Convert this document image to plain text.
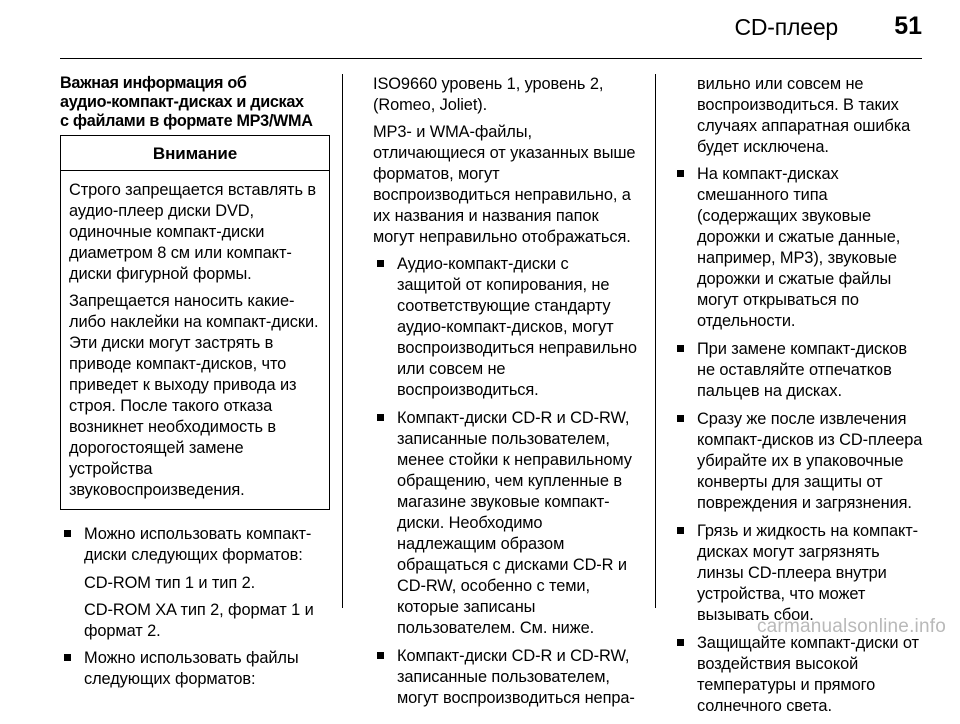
CD-плеер 51
Важная информация об
аудио-компакт-дисках и дисках
с файлами в формате MP3/WMA
Внимание

Строго запрещается вставлять в аудио-плеер диски DVD, одиночные компакт-диски диаметром 8 см или компакт-диски фигурной формы.

Запрещается наносить какие-либо наклейки на компакт-диски. Эти диски могут застрять в приводе компакт-дисков, что приведет к выходу привода из строя. После такого отказа возникнет необходимость в дорогостоящей замене устройства звуковоспроизведения.

Можно использовать компакт-диски следующих форматов:

CD-ROM тип 1 и тип 2.

CD-ROM XA тип 2, формат 1 и формат 2.

Можно использовать файлы следующих форматов:

ISO9660 уровень 1, уровень 2, (Romeo, Joliet).

MP3- и WMA-файлы, отличающиеся от указанных выше форматов, могут воспроизводиться неправильно, а их названия и названия папок могут неправильно отображаться.

Аудио-компакт-диски с защитой от копирования, не соответствующие стандарту аудио-компакт-дисков, могут воспроизводиться неправильно или совсем не воспроизводиться.
Компакт-диски CD-R и CD-RW, записанные пользователем, менее стойки к неправильному обращению, чем купленные в магазине звуковые компакт-диски. Необходимо надлежащим образом обращаться с дисками CD-R и CD-RW, особенно с теми, которые записаны пользователем. См. ниже.
Компакт-диски CD-R и CD-RW, записанные пользователем, могут воспроизводиться непра-

вильно или совсем не воспроизводиться. В таких случаях аппаратная ошибка будет исключена.

На компакт-дисках смешанного типа (содержащих звуковые дорожки и сжатые данные, например, MP3), звуковые дорожки и сжатые файлы могут открываться по отдельности.
При замене компакт-дисков не оставляйте отпечатков пальцев на дисках.
Сразу же после извлечения компакт-дисков из CD-плеера убирайте их в упаковочные конверты для защиты от повреждения и загрязнения.
Грязь и жидкость на компакт-дисках могут загрязнять линзы CD-плеера внутри устройства, что может вызывать сбои.
Защищайте компакт-диски от воздействия высокой температуры и прямого солнечного света.
carmanualsonline.info
